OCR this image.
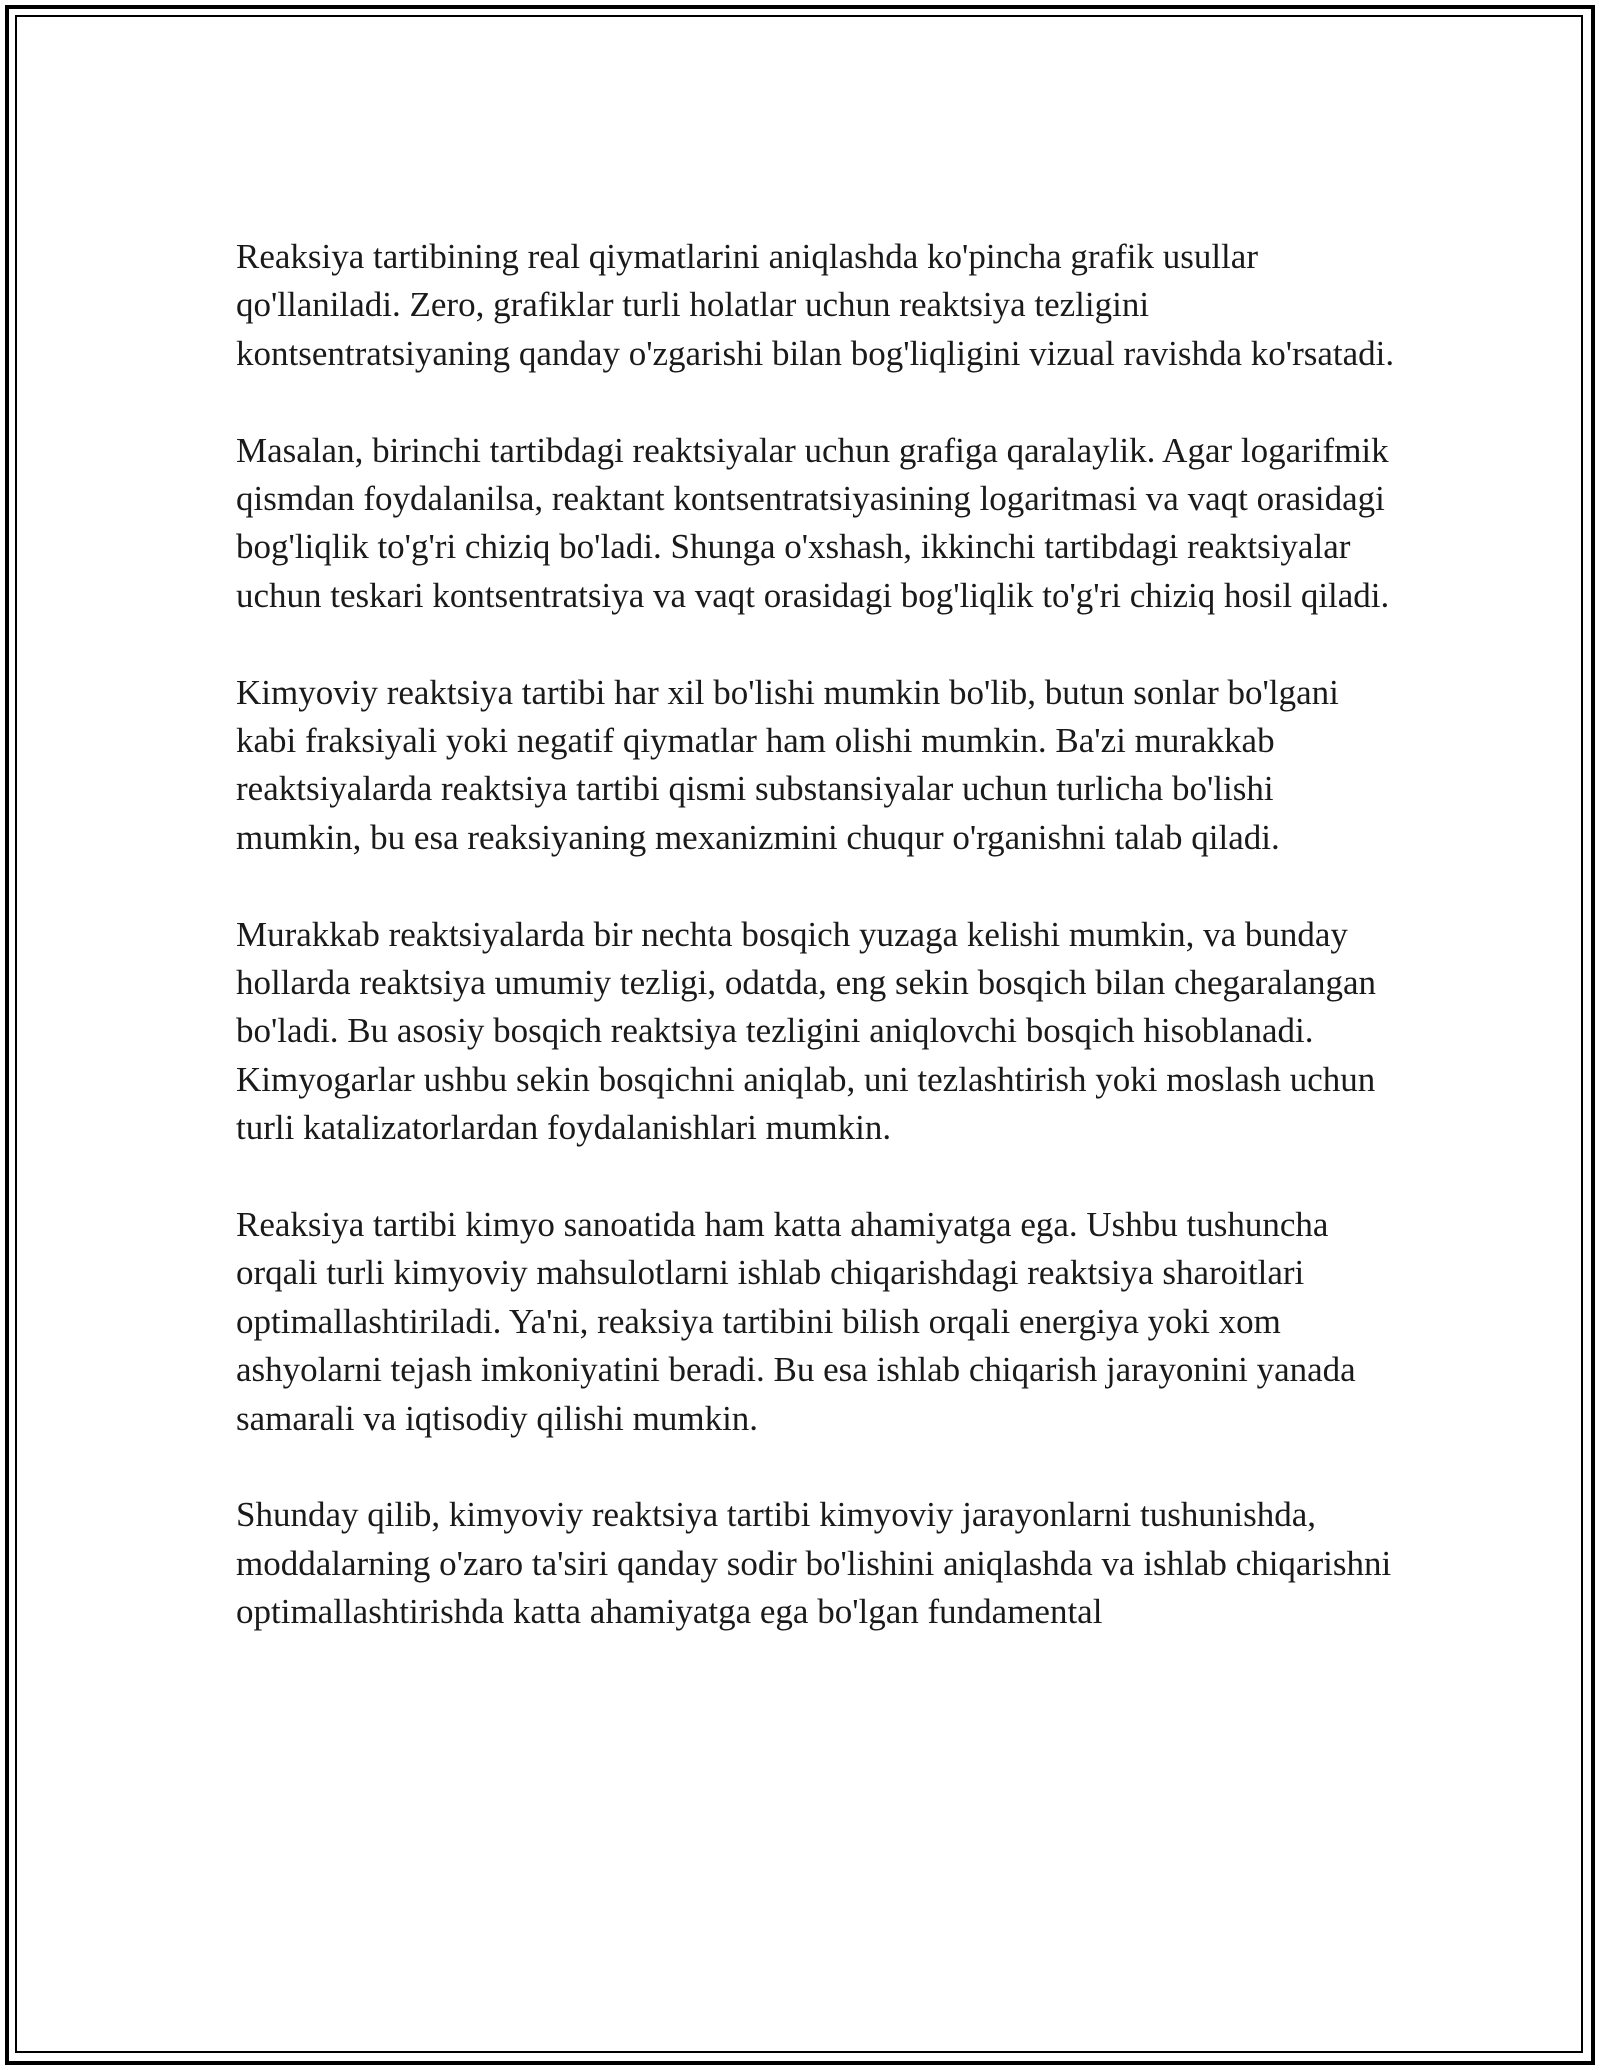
Reaksiya tartibining real qiymatlarini aniqlashda ko'pincha grafik usullar qo'llaniladi. Zero, grafiklar turli holatlar uchun reaktsiya tezligini kontsentratsiyaning qanday o'zgarishi bilan bog'liqligini vizual ravishda ko'rsatadi.

Masalan, birinchi tartibdagi reaktsiyalar uchun grafiga qaralaylik. Agar logarifmik qismdan foydalanilsa, reaktant kontsentratsiyasining logaritmasi va vaqt orasidagi bog'liqlik to'g'ri chiziq bo'ladi. Shunga o'xshash, ikkinchi tartibdagi reaktsiyalar uchun teskari kontsentratsiya va vaqt orasidagi bog'liqlik to'g'ri chiziq hosil qiladi.

Kimyoviy reaktsiya tartibi har xil bo'lishi mumkin bo'lib, butun sonlar bo'lgani kabi fraksiyali yoki negatif qiymatlar ham olishi mumkin. Ba'zi murakkab reaktsiyalarda reaktsiya tartibi qismi substansiyalar uchun turlicha bo'lishi mumkin, bu esa reaksiyaning mexanizmini chuqur o'rganishni talab qiladi.

Murakkab reaktsiyalarda bir nechta bosqich yuzaga kelishi mumkin, va bunday hollarda reaktsiya umumiy tezligi, odatda, eng sekin bosqich bilan chegaralangan bo'ladi. Bu asosiy bosqich reaktsiya tezligini aniqlovchi bosqich hisoblanadi. Kimyogarlar ushbu sekin bosqichni aniqlab, uni tezlashtirish yoki moslash uchun turli katalizatorlardan foydalanishlari mumkin.

Reaksiya tartibi kimyo sanoatida ham katta ahamiyatga ega. Ushbu tushuncha orqali turli kimyoviy mahsulotlarni ishlab chiqarishdagi reaktsiya sharoitlari optimallashtiriladi. Ya'ni, reaksiya tartibini bilish orqali energiya yoki xom ashyolarni tejash imkoniyatini beradi. Bu esa ishlab chiqarish jarayonini yanada samarali va iqtisodiy qilishi mumkin.

Shunday qilib, kimyoviy reaktsiya tartibi kimyoviy jarayonlarni tushunishda, moddalarning o'zaro ta'siri qanday sodir bo'lishini aniqlashda va ishlab chiqarishni optimallashtirishda katta ahamiyatga ega bo'lgan fundamental
